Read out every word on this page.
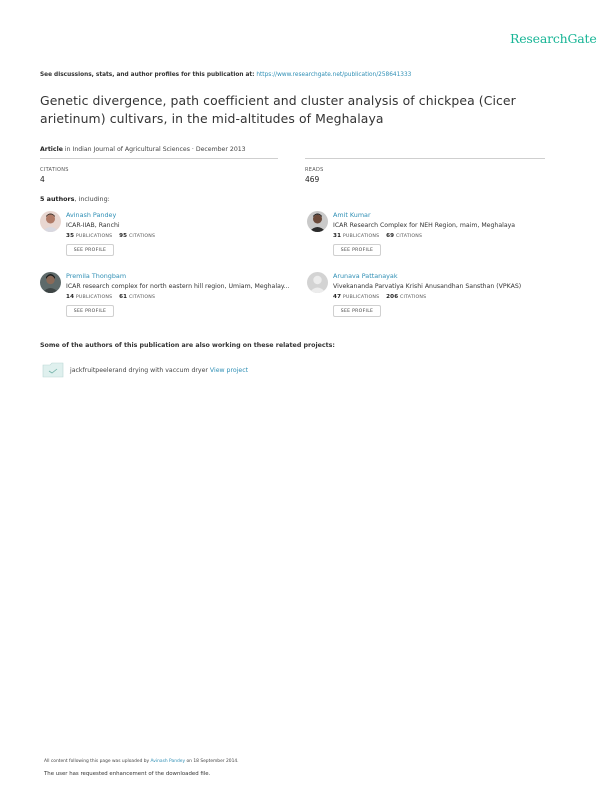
ResearchGate
See discussions, stats, and author profiles for this publication at: https://www.researchgate.net/publication/258641333
Genetic divergence, path coefficient and cluster analysis of chickpea (Cicer arietinum) cultivars, in the mid-altitudes of Meghalaya
Article in Indian Journal of Agricultural Sciences · December 2013
CITATIONS
4
READS
469
5 authors, including:
Avinash Pandey
ICAR-IIAB, Ranchi
35 PUBLICATIONS 95 CITATIONS
SEE PROFILE
Amit Kumar
ICAR Research Complex for NEH Region, maim, Meghalaya
31 PUBLICATIONS 69 CITATIONS
SEE PROFILE
Premila Thongbam
ICAR research complex for north eastern hill region, Umiam, Meghalay...
14 PUBLICATIONS 61 CITATIONS
SEE PROFILE
Arunava Pattanayak
Vivekananda Parvatiya Krishi Anusandhan Sansthan (VPKAS)
47 PUBLICATIONS 206 CITATIONS
SEE PROFILE
Some of the authors of this publication are also working on these related projects:
jackfruitpeelerand drying with vaccum dryer View project
All content following this page was uploaded by Avinash Pandey on 18 September 2014.
The user has requested enhancement of the downloaded file.
